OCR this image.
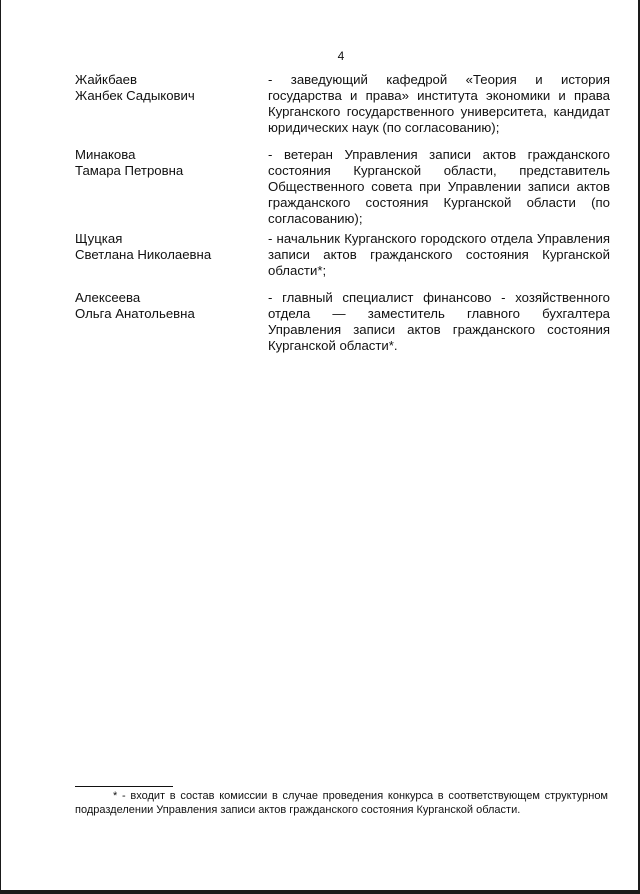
4
Жайкбаев
Жанбек Садыкович
- заведующий кафедрой «Теория и история государства и права» института экономики и права Курганского государственного университета, кандидат юридических наук (по согласованию);
Минакова
Тамара Петровна
- ветеран Управления записи актов гражданского состояния Курганской области, представитель Общественного совета при Управлении записи актов гражданского состояния Курганской области (по согласованию);
Щуцкая
Светлана Николаевна
- начальник Курганского городского отдела Управления записи актов гражданского состояния Курганской области*;
Алексеева
Ольга Анатольевна
- главный специалист финансово - хозяйственного отдела — заместитель главного бухгалтера Управления записи актов гражданского состояния Курганской области*.
* - входит в состав комиссии в случае проведения конкурса в соответствующем структурном подразделении Управления записи актов гражданского состояния Курганской области.
